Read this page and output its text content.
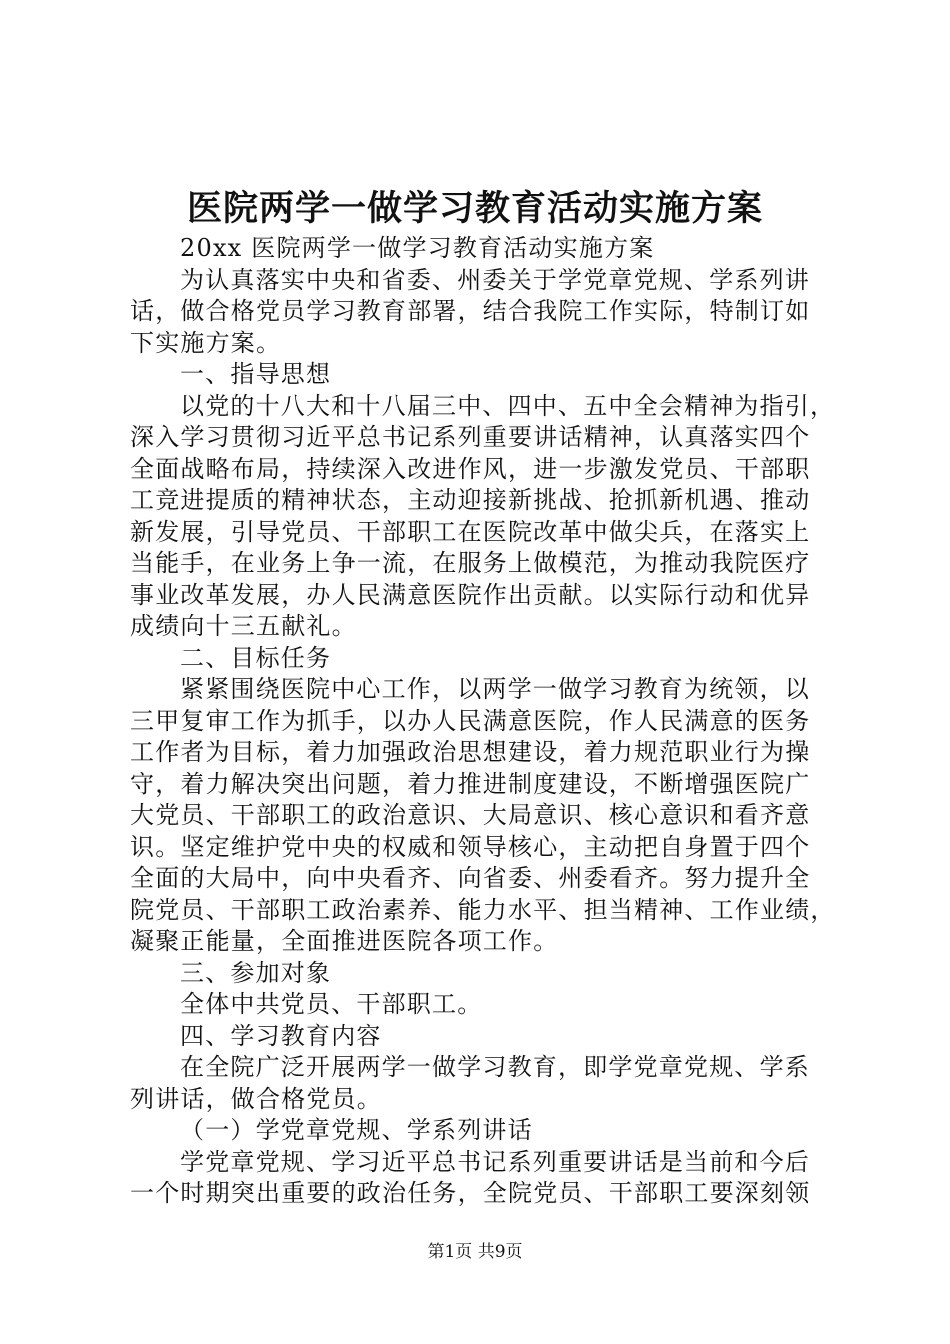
医院两学一做学习教育活动实施方案
20xx 医院两学一做学习教育活动实施方案
为认真落实中央和省委、州委关于学党章党规、学系列讲
话，做合格党员学习教育部署，结合我院工作实际，特制订如
下实施方案。
一、指导思想
以党的十八大和十八届三中、四中、五中全会精神为指引，
深入学习贯彻习近平总书记系列重要讲话精神，认真落实四个
全面战略布局，持续深入改进作风，进一步激发党员、干部职
工竞进提质的精神状态，主动迎接新挑战、抢抓新机遇、推动
新发展，引导党员、干部职工在医院改革中做尖兵，在落实上
当能手，在业务上争一流，在服务上做模范，为推动我院医疗
事业改革发展，办人民满意医院作出贡献。以实际行动和优异
成绩向十三五献礼。
二、目标任务
紧紧围绕医院中心工作，以两学一做学习教育为统领，以
三甲复审工作为抓手，以办人民满意医院，作人民满意的医务
工作者为目标，着力加强政治思想建设，着力规范职业行为操
守，着力解决突出问题，着力推进制度建设，不断增强医院广
大党员、干部职工的政治意识、大局意识、核心意识和看齐意
识。坚定维护党中央的权威和领导核心，主动把自身置于四个
全面的大局中，向中央看齐、向省委、州委看齐。努力提升全
院党员、干部职工政治素养、能力水平、担当精神、工作业绩，
凝聚正能量，全面推进医院各项工作。
三、参加对象
全体中共党员、干部职工。
四、学习教育内容
在全院广泛开展两学一做学习教育，即学党章党规、学系
列讲话，做合格党员。
（一）学党章党规、学系列讲话
学党章党规、学习近平总书记系列重要讲话是当前和今后
一个时期突出重要的政治任务，全院党员、干部职工要深刻领
第1页 共9页
